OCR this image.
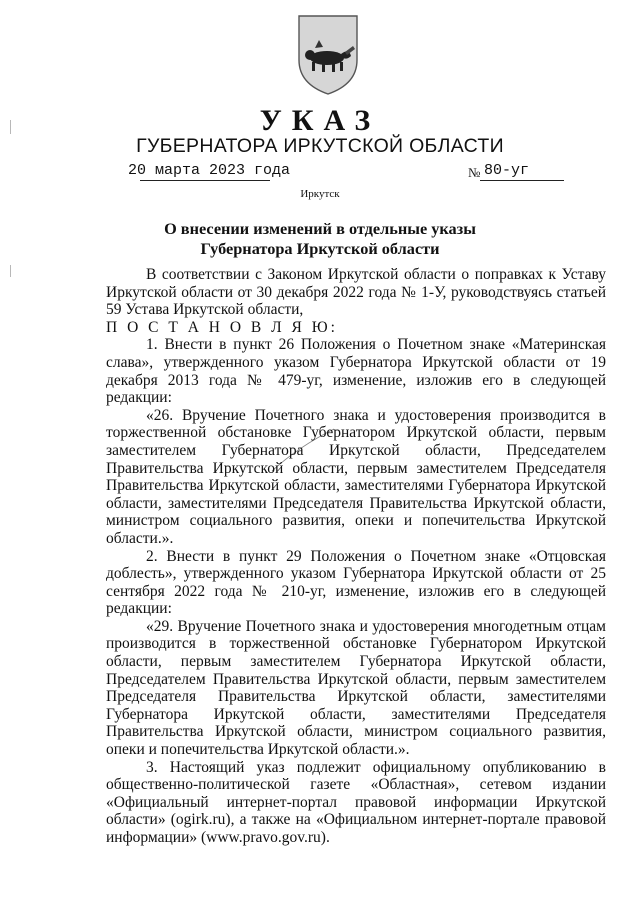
УКАЗ
ГУБЕРНАТОРА ИРКУТСКОЙ ОБЛАСТИ
20 марта 2023 года	№ 80-уг
Иркутск
О внесении изменений в отдельные указы
Губернатора Иркутской области

В соответствии с Законом Иркутской области о поправках к Уставу Иркутской области от 30 декабря 2022 года № 1-У, руководствуясь статьей 59 Устава Иркутской области,

П О С Т А Н О В Л Я Ю:

1. Внести в пункт 26 Положения о Почетном знаке «Материнская слава», утвержденного указом Губернатора Иркутской области от 19 декабря 2013 года № 479-уг, изменение, изложив его в следующей редакции:

«26. Вручение Почетного знака и удостоверения производится в торжественной обстановке Губернатором Иркутской области, первым заместителем Губернатора Иркутской области, Председателем Правительства Иркутской области, первым заместителем Председателя Правительства Иркутской области, заместителями Губернатора Иркутской области, заместителями Председателя Правительства Иркутской области, министром социального развития, опеки и попечительства Иркутской области.».

2. Внести в пункт 29 Положения о Почетном знаке «Отцовская доблесть», утвержденного указом Губернатора Иркутской области от 25 сентября 2022 года № 210-уг, изменение, изложив его в следующей редакции:

«29. Вручение Почетного знака и удостоверения многодетным отцам производится в торжественной обстановке Губернатором Иркутской области, первым заместителем Губернатора Иркутской области, Председателем Правительства Иркутской области, первым заместителем Председателя Правительства Иркутской области, заместителями Губернатора Иркутской области, заместителями Председателя Правительства Иркутской области, министром социального развития, опеки и попечительства Иркутской области.».

3. Настоящий указ подлежит официальному опубликованию в общественно-политической газете «Областная», сетевом издании «Официальный интернет-портал правовой информации Иркутской области» (ogirk.ru), а также на «Официальном интернет-портале правовой информации» (www.pravo.gov.ru).
